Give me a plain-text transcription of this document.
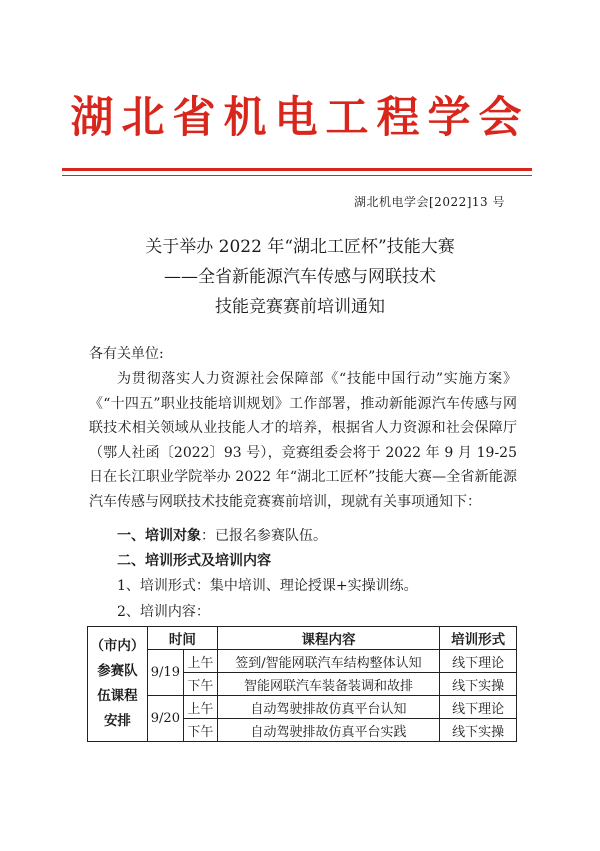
湖北省机电工程学会
湖北机电学会[2022]13 号
关于举办 2022 年“湖北工匠杯”技能大赛
——全省新能源汽车传感与网联技术
技能竞赛赛前培训通知
各有关单位:
为贯彻落实人力资源社会保障部《“技能中国行动”实施方案》《“十四五”职业技能培训规划》工作部署，推动新能源汽车传感与网联技术相关领域从业技能人才的培养，根据省人力资源和社会保障厅（鄂人社函〔2022〕93 号），竞赛组委会将于 2022 年 9 月 19-25 日在长江职业学院举办 2022 年“湖北工匠杯”技能大赛—全省新能源汽车传感与网联技术技能竞赛赛前培训，现就有关事项通知下：
一、培训对象：已报名参赛队伍。
二、培训形式及培训内容
1、培训形式：集中培训、理论授课+实操训练。
2、培训内容：
（市内）
参赛队
伍课程
安排	时间		课程内容	培训形式
	9/19	上午	签到/智能网联汽车结构整体认知	线下理论
		下午	智能网联汽车装备装调和故排	线下实操
	9/20	上午	自动驾驶排故仿真平台认知	线下理论
		下午	自动驾驶排故仿真平台实践	线下实操
